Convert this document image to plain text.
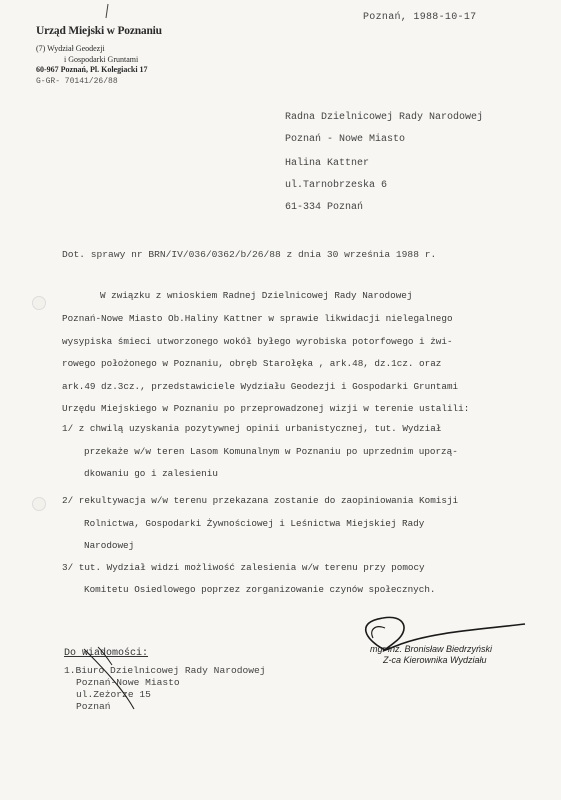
Urząd Miejski w Poznaniu
(7) Wydział Geodezji
i Gospodarki Gruntami
60-967 Poznań, Pl. Kolegiacki 17
G-GR- 70141/26/88
Poznań, 1988-10-17
Radna Dzielnicowej Rady Narodowej
Poznań - Nowe Miasto
Halina Kattner
ul.Tarnobrzeska 6
61-334 Poznań
Dot. sprawy nr BRN/IV/036/0362/b/26/88 z dnia 30 września 1988 r.
W związku z wnioskiem Radnej Dzielnicowej Rady Narodowej
Poznań-Nowe Miasto Ob.Haliny Kattner w sprawie likwidacji nielegalnego
wysypiska śmieci utworzonego wokół byłego wyrobiska potorfowego i żwi-
rowego położonego w Poznaniu, obręb Starołęka , ark.48, dz.1cz. oraz
ark.49 dz.3cz., przedstawiciele Wydziału Geodezji i Gospodarki Gruntami
Urzędu Miejskiego w Poznaniu po przeprowadzonej wizji w terenie ustalili:
1/ z chwilą uzyskania pozytywnej opinii urbanistycznej, tut. Wydział
przekaże w/w teren Lasom Komunalnym w Poznaniu po uprzednim uporzą-
dkowaniu go i zalesieniu
2/ rekultywacja w/w terenu przekazana zostanie do zaopiniowania Komisji
Rolnictwa, Gospodarki Żywnościowej i Leśnictwa Miejskiej Rady
Narodowej
3/ tut. Wydział widzi możliwość zalesienia w/w terenu przy pomocy
Komitetu Osiedlowego poprzez zorganizowanie czynów społecznych.
mgr inż. Bronisław Biedrzyński
Z-ca Kierownika Wydziału
Do wiadomości:
1.Biuro Dzielnicowej Rady Narodowej
Poznań-Nowe Miasto
ul.Zeżorze 15
Poznań
